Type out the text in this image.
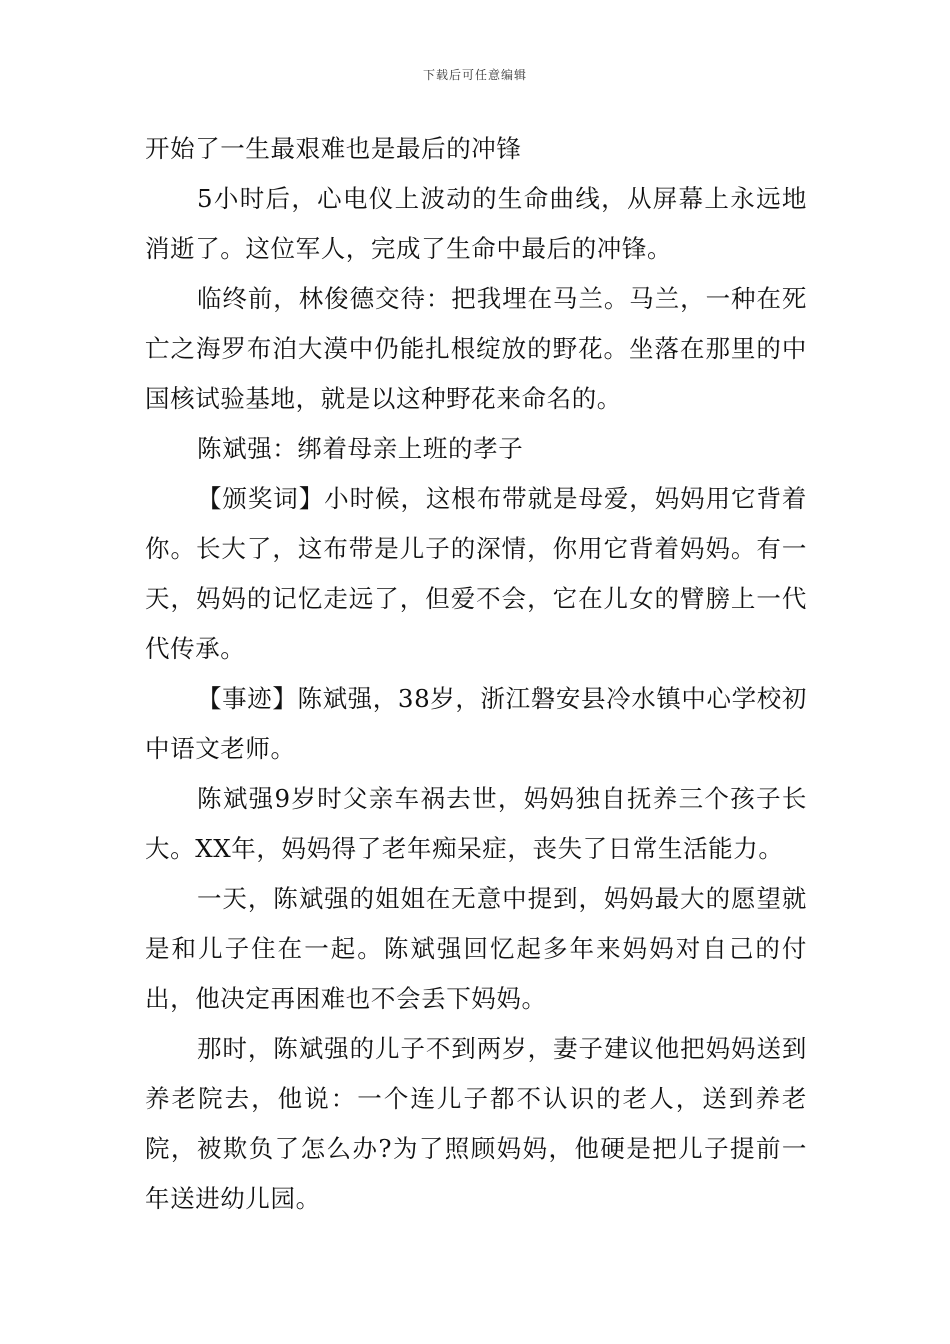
下载后可任意编辑

开始了一生最艰难也是最后的冲锋

5小时后，心电仪上波动的生命曲线，从屏幕上永远地消逝了。这位军人，完成了生命中最后的冲锋。

临终前，林俊德交待：把我埋在马兰。马兰，一种在死亡之海罗布泊大漠中仍能扎根绽放的野花。坐落在那里的中国核试验基地，就是以这种野花来命名的。

陈斌强：绑着母亲上班的孝子

【颁奖词】小时候，这根布带就是母爱，妈妈用它背着你。长大了，这布带是儿子的深情，你用它背着妈妈。有一天，妈妈的记忆走远了，但爱不会，它在儿女的臂膀上一代代传承。

【事迹】陈斌强，38岁，浙江磐安县冷水镇中心学校初中语文老师。

陈斌强9岁时父亲车祸去世，妈妈独自抚养三个孩子长大。XX年，妈妈得了老年痴呆症，丧失了日常生活能力。

一天，陈斌强的姐姐在无意中提到，妈妈最大的愿望就是和儿子住在一起。陈斌强回忆起多年来妈妈对自己的付出，他决定再困难也不会丢下妈妈。

那时，陈斌强的儿子不到两岁，妻子建议他把妈妈送到养老院去，他说：一个连儿子都不认识的老人，送到养老院，被欺负了怎么办?为了照顾妈妈，他硬是把儿子提前一年送进幼儿园。
